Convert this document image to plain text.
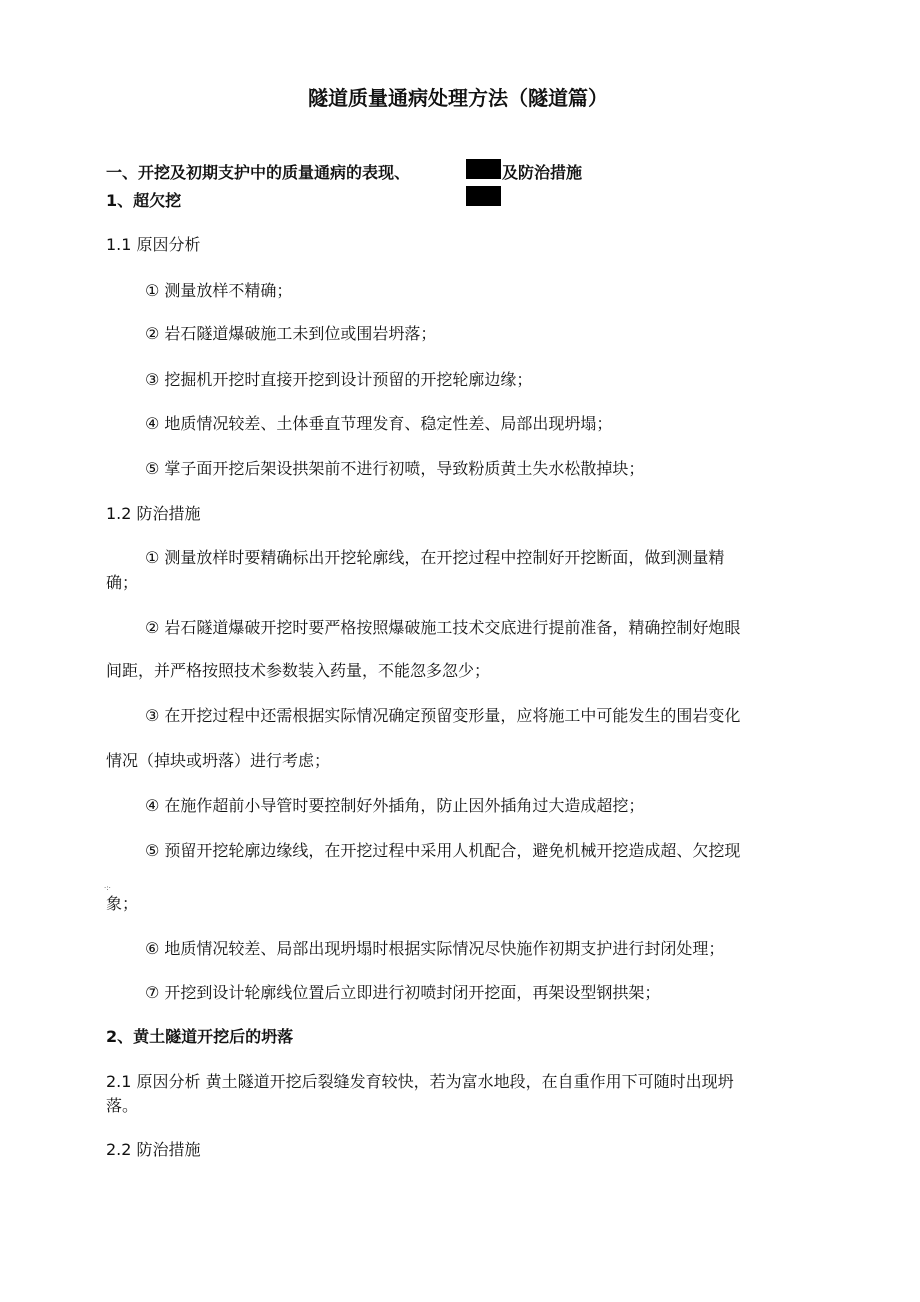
隧道质量通病处理方法（隧道篇）
一、开挖及初期支护中的质量通病的表现、	及防治措施
1、超欠挖
1.1 原因分析
① 测量放样不精确；
② 岩石隧道爆破施工未到位或围岩坍落；
③ 挖掘机开挖时直接开挖到设计预留的开挖轮廓边缘；
④ 地质情况较差、土体垂直节理发育、稳定性差、局部出现坍塌；
⑤ 掌子面开挖后架设拱架前不进行初喷，导致粉质黄土失水松散掉块；
1.2 防治措施
① 测量放样时要精确标出开挖轮廓线，在开挖过程中控制好开挖断面，做到测量精
确；
② 岩石隧道爆破开挖时要严格按照爆破施工技术交底进行提前准备，精确控制好炮眼
间距，并严格按照技术参数装入药量，不能忽多忽少；
③ 在开挖过程中还需根据实际情况确定预留变形量，应将施工中可能发生的围岩变化
情况（掉块或坍落）进行考虑；
④ 在施作超前小导管时要控制好外插角，防止因外插角过大造成超挖；
⑤ 预留开挖轮廓边缘线，在开挖过程中采用人机配合，避免机械开挖造成超、欠挖现
·:·
象；
⑥ 地质情况较差、局部出现坍塌时根据实际情况尽快施作初期支护进行封闭处理；
⑦ 开挖到设计轮廓线位置后立即进行初喷封闭开挖面，再架设型钢拱架；
2、黄土隧道开挖后的坍落
2.1 原因分析 黄土隧道开挖后裂缝发育较快，若为富水地段，在自重作用下可随时出现坍
落。
2.2 防治措施
